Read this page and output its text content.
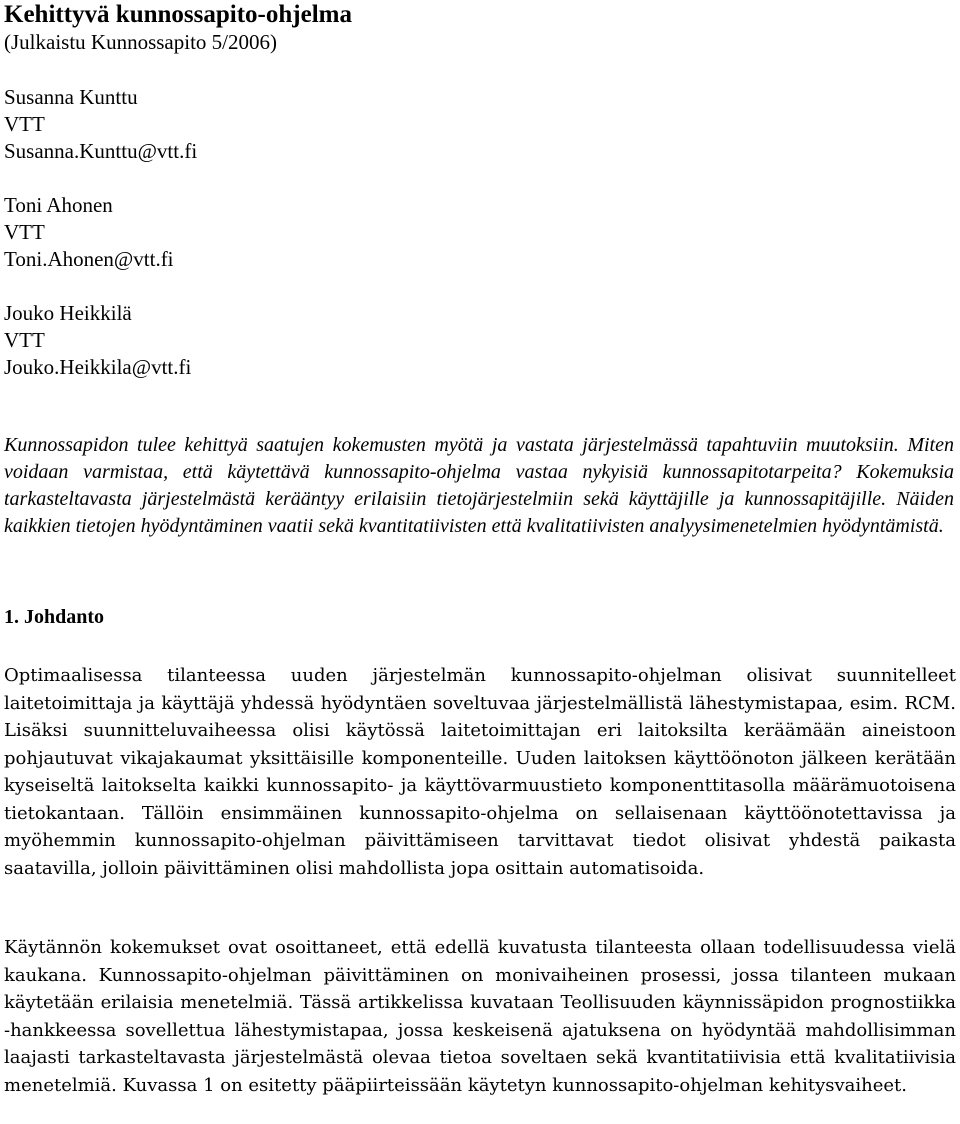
Kehittyvä kunnossapito-ohjelma

(Julkaistu Kunnossapito 5/2006)

Susanna Kunttu
VTT
Susanna.Kunttu@vtt.fi
Toni Ahonen
VTT
Toni.Ahonen@vtt.fi
Jouko Heikkilä
VTT
Jouko.Heikkila@vtt.fi

Kunnossapidon tulee kehittyä saatujen kokemusten myötä ja vastata järjestelmässä tapahtuviin muutoksiin. Miten voidaan varmistaa, että käytettävä kunnossapito-ohjelma vastaa nykyisiä kunnossapitotarpeita? Kokemuksia tarkasteltavasta järjestelmästä kerääntyy erilaisiin tietojärjestelmiin sekä käyttäjille ja kunnossapitäjille. Näiden kaikkien tietojen hyödyntäminen vaatii sekä kvantitatiivisten että kvalitatiivisten analyysimenetelmien hyödyntämistä.

1. Johdanto

Optimaalisessa tilanteessa uuden järjestelmän kunnossapito-ohjelman olisivat suunnitelleet laitetoimittaja ja käyttäjä yhdessä hyödyntäen soveltuvaa järjestelmällistä lähestymistapaa, esim. RCM. Lisäksi suunnitteluvaiheessa olisi käytössä laitetoimittajan eri laitoksilta keräämään aineistoon pohjautuvat vikajakaumat yksittäisille komponenteille. Uuden laitoksen käyttöönoton jälkeen kerätään kyseiseltä laitokselta kaikki kunnossapito- ja käyttövarmuustieto komponenttitasolla määrämuotoisena tietokantaan. Tällöin ensimmäinen kunnossapito-ohjelma on sellaisenaan käyttöönotettavissa ja myöhemmin kunnossapito-ohjelman päivittämiseen tarvittavat tiedot olisivat yhdestä paikasta saatavilla, jolloin päivittäminen olisi mahdollista jopa osittain automatisoida.

Käytännön kokemukset ovat osoittaneet, että edellä kuvatusta tilanteesta ollaan todellisuudessa vielä kaukana. Kunnossapito-ohjelman päivittäminen on monivaiheinen prosessi, jossa tilanteen mukaan käytetään erilaisia menetelmiä. Tässä artikkelissa kuvataan Teollisuuden käynnissäpidon prognostiikka -hankkeessa sovellettua lähestymistapaa, jossa keskeisenä ajatuksena on hyödyntää mahdollisimman laajasti tarkasteltavasta järjestelmästä olevaa tietoa soveltaen sekä kvantitatiivisia että kvalitatiivisia menetelmiä. Kuvassa 1 on esitetty pääpiirteissään käytetyn kunnossapito-ohjelman kehitysvaiheet.
